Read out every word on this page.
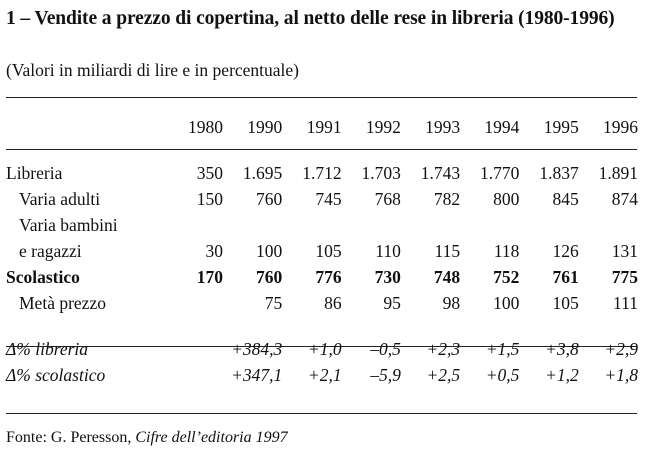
1 – Vendite a prezzo di copertina, al netto delle rese in libreria (1980-1996)
(Valori in miliardi di lire e in percentuale)
	1980	1990	1991	1992	1993	1994	1995	1996

Libreria	350	1.695	1.712	1.703	1.743	1.770	1.837	1.891
Varia adulti	150	760	745	768	782	800	845	874
Varia bambini								
e ragazzi	30	100	105	110	115	118	126	131
Scolastico	170	760	776	730	748	752	761	775
Metà prezzo		75	86	95	98	100	105	111

Δ% libreria		+384,3	+1,0	–0,5	+2,3	+1,5	+3,8	+2,9
Δ% scolastico		+347,1	+2,1	–5,9	+2,5	+0,5	+1,2	+1,8
Fonte: G. Peresson, Cifre dell’editoria 1997
